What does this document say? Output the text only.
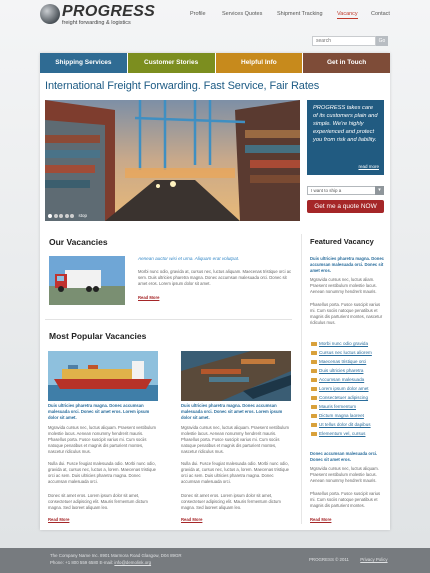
PROGRESS
freight forwarding & logistics
Profile	Services Quotes	Shipment Tracking	Vacancy Contact
search
Go
Shipping Services	Customer Stories	Helpful Info	Get in Touch
International Freight Forwarding. Fast Service, Fair Rates
stop
PROGRESS takes care of its customers plain and simple. We're highly experienced and protect you from risk and liability.
read more
I want to ship a	▾
Get me a quote NOW
Our Vacancies
Aenean auctor wisi et urna. Aliquam erat volutpat.

Morbi nunc odio, gravida at, cursus nec, luctus aliquam. Maecenas tristique orci ac sem. Duis ultricies pharetra magna. Donec accumsan malesuada orci. Donec sit amet eros. Lorem ipsum dolor sit amet.

Read More
Most Popular Vacancies

Duis ultricies pharetra magna. Donec accumsan malesuada orci. Donec sit amet eros. Lorem ipsum dolor sit amet.

Mgravida cursus nec, luctus aliquam. Praesent vestibulum molestie lacus. Aenean nonummy hendrerit mauris. Phasellus porta. Fusce suscipit varius mi. Cum sociis natoque penatibus et magnis dis parturient montes, nascetur ridiculus mus.

Nulla dui. Fusce feugiat malesuada odio. Morbi nunc odio, gravida at, cursus nec, luctus a, lorem. Maecenas tristique orci ac sem. Duis ultricies pharetra magna. Donec accumsan malesuada orci.

Donec sit amet eros. Lorem ipsum dolor sit amet, consectetuer adipiscing elit. Mauris fermentum dictum magna. Sed laoreet aliquam leo.

Read More

Duis ultricies pharetra magna. Donec accumsan malesuada orci. Donec sit amet eros. Lorem ipsum dolor sit amet.

Mgravida cursus nec, luctus aliquam. Praesent vestibulum molestie lacus. Aenean nonummy hendrerit mauris. Phasellus porta. Fusce suscipit varius mi. Cum sociis natoque penatibus et magnis dis parturient montes, nascetur ridiculus mus.

Nulla dui. Fusce feugiat malesuada odio. Morbi nunc odio, gravida at, cursus nec, luctus a, lorem. Maecenas tristique orci ac sem. Duis ultricies pharetra magna. Donec accumsan malesuada orci.

Donec sit amet eros. Lorem ipsum dolor sit amet, consectetuer adipiscing elit. Mauris fermentum dictum magna. Sed laoreet aliquam leo.

Read More
Featured Vacancy

Duis ultricies pharetra magna. Donec accumsan malesuada orci. Donec sit amet eros.

Mgravida cursus nec, luctus aliam. Praesent vestibulum molestie lacus. Aenean nonummy hendrerit mauris.

Phasellus porta. Fusce suscipit varius mi. Cum sociis natoque penatibus et magnis dis parturient montes, nascetur ridiculus mus.

Morbi nunc odio gravida
Cursus nec luctus aliorem
Maecenas tristique orci
Duis ultricies pharetra
Accumsan malesuada
Lorem ipsum dolor amet
Consectetuer adipiscing
Mauris fermentum
Dictum magna laoreet
Ut tellus dolor dit dapibus
Elementum vel, cursus

Donec accumsan malesuada orci. Donec sit amet eros.

Mgravida cursus nec, luctus aliquam. Praesent vestibulum molestie lacus. Aenean nonummy hendrerit mauris.

Phasellus porta. Fusce suscipit varius mi. Cum sociis natoque penatibus et magnis dis parturient montes.

Read More
The Company Name Inc. 8901 Marmora Road Glasgow, D04 89GR
Phone: +1 800 559 6580 E-mail: info@demolink.org
PROGRESS © 2011	Privacy Policy
